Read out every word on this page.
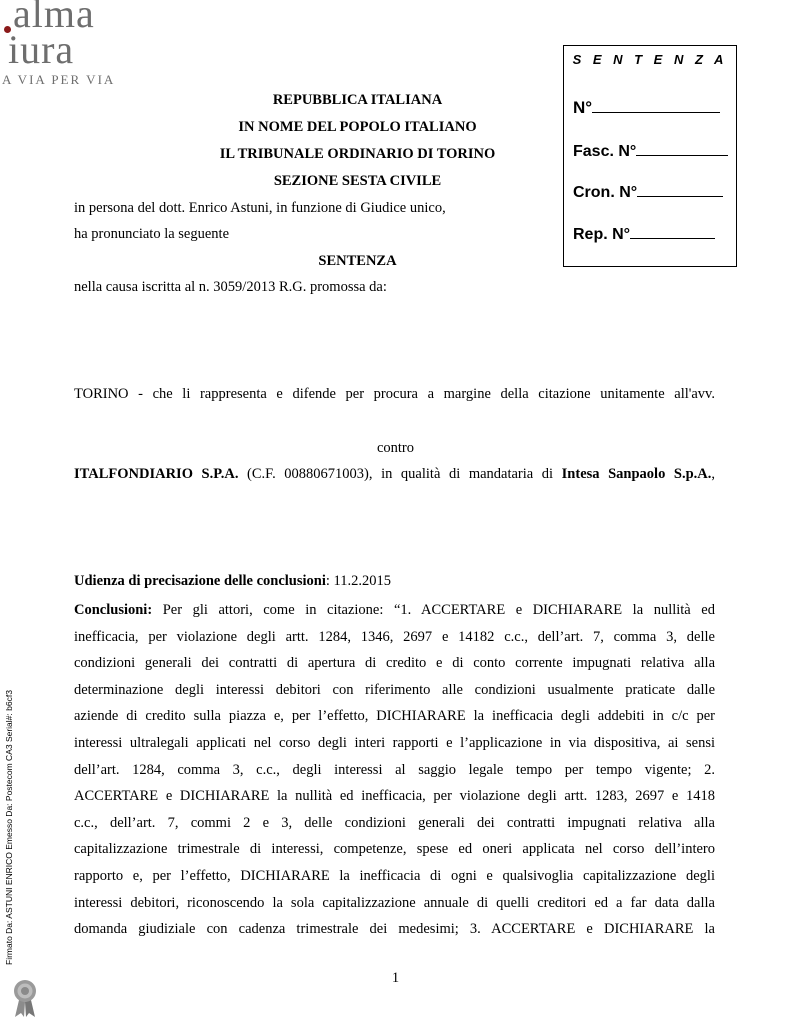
alma
iura
A VIA PER VIA
S E N T E N Z A
N°
Fasc. N°
Cron. N°
Rep. N°
REPUBBLICA ITALIANA
IN NOME DEL POPOLO ITALIANO
IL TRIBUNALE ORDINARIO DI TORINO
SEZIONE SESTA CIVILE
in persona del dott. Enrico Astuni, in funzione di Giudice unico,
ha pronunciato la seguente
SENTENZA
nella causa iscritta al n. 3059/2013 R.G. promossa da:
TORINO - che li rappresenta e difende per procura a margine della citazione unitamente all'avv.
contro
ITALFONDIARIO S.P.A. (C.F. 00880671003), in qualità di mandataria di Intesa Sanpaolo S.p.A.,
Udienza di precisazione delle conclusioni: 11.2.2015
Conclusioni: Per gli attori, come in citazione: “1. ACCERTARE e DICHIARARE la nullità ed
inefficacia, per violazione degli artt. 1284, 1346, 2697 e 14182 c.c., dell’art. 7, comma 3, delle
condizioni generali dei contratti di apertura di credito e di conto corrente impugnati relativa alla
determinazione degli interessi debitori con riferimento alle condizioni usualmente praticate dalle
aziende di credito sulla piazza e, per l’effetto, DICHIARARE la inefficacia degli addebiti in c/c per
interessi ultralegali applicati nel corso degli interi rapporti e l’applicazione in via dispositiva, ai sensi
dell’art. 1284, comma 3, c.c., degli interessi al saggio legale tempo per tempo vigente; 2.
ACCERTARE e DICHIARARE la nullità ed inefficacia, per violazione degli artt. 1283, 2697 e 1418
c.c., dell’art. 7, commi 2 e 3, delle condizioni generali dei contratti impugnati relativa alla
capitalizzazione trimestrale di interessi, competenze, spese ed oneri applicata nel corso dell’intero
rapporto e, per l’effetto, DICHIARARE la inefficacia di ogni e qualsivoglia capitalizzazione degli
interessi debitori, riconoscendo la sola capitalizzazione annuale di quelli creditori ed a far data dalla
domanda giudiziale con cadenza trimestrale dei medesimi; 3. ACCERTARE e DICHIARARE la
Firmato Da: ASTUNI ENRICO Emesso Da: Postecom CA3 Serial#: b6cf3
1
